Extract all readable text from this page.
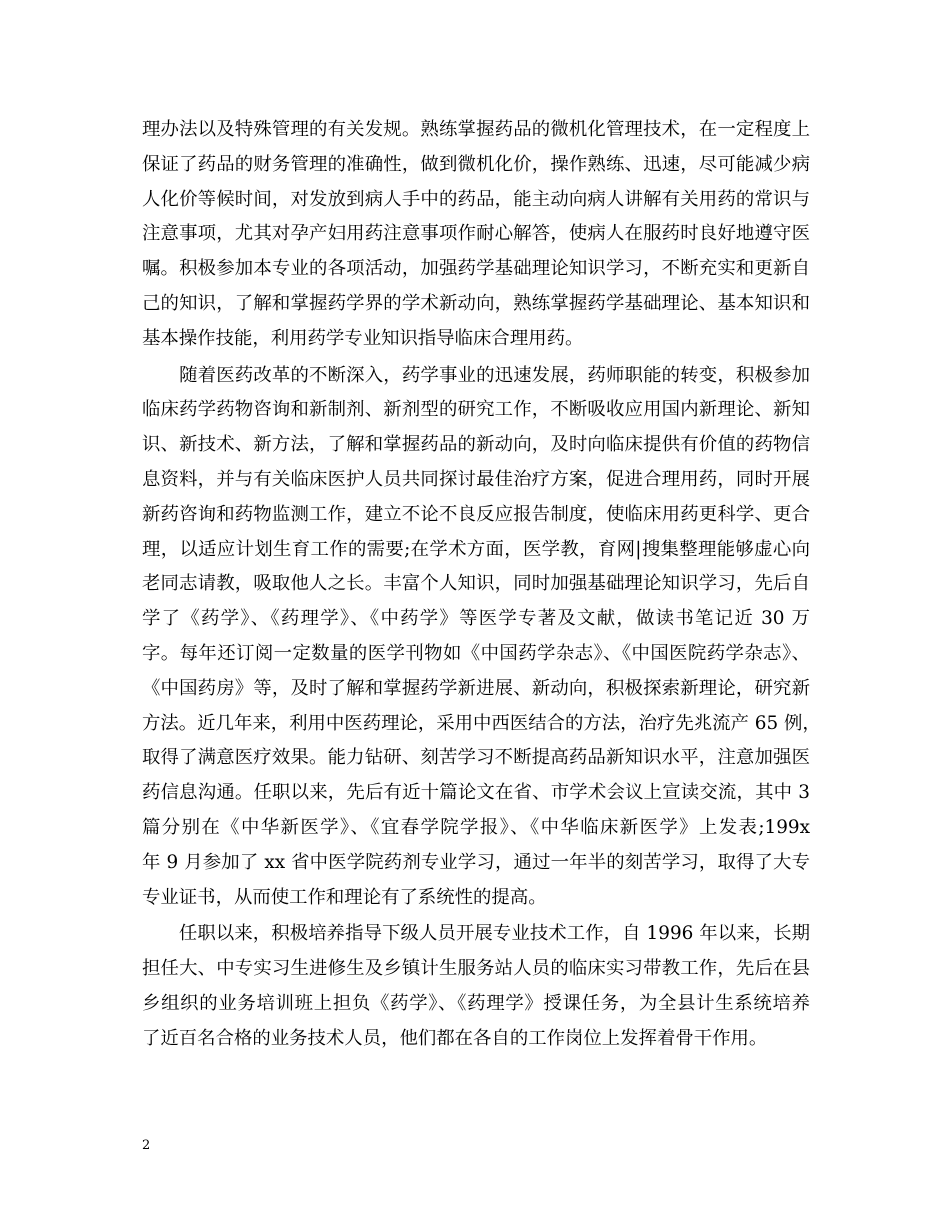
理办法以及特殊管理的有关发规。熟练掌握药品的微机化管理技术，在一定程度上
保证了药品的财务管理的准确性，做到微机化价，操作熟练、迅速，尽可能减少病
人化价等候时间，对发放到病人手中的药品，能主动向病人讲解有关用药的常识与
注意事项，尤其对孕产妇用药注意事项作耐心解答，使病人在服药时良好地遵守医
嘱。积极参加本专业的各项活动，加强药学基础理论知识学习，不断充实和更新自
己的知识，了解和掌握药学界的学术新动向，熟练掌握药学基础理论、基本知识和
基本操作技能，利用药学专业知识指导临床合理用药。
　　随着医药改革的不断深入，药学事业的迅速发展，药师职能的转变，积极参加
临床药学药物咨询和新制剂、新剂型的研究工作，不断吸收应用国内新理论、新知
识、新技术、新方法，了解和掌握药品的新动向，及时向临床提供有价值的药物信
息资料，并与有关临床医护人员共同探讨最佳治疗方案，促进合理用药，同时开展
新药咨询和药物监测工作，建立不论不良反应报告制度，使临床用药更科学、更合
理，以适应计划生育工作的需要;在学术方面，医学教，育网|搜集整理能够虚心向
老同志请教，吸取他人之长。丰富个人知识，同时加强基础理论知识学习，先后自
学了《药学》、《药理学》、《中药学》等医学专著及文献，做读书笔记近 30 万
字。每年还订阅一定数量的医学刊物如《中国药学杂志》、《中国医院药学杂志》、
《中国药房》等，及时了解和掌握药学新进展、新动向，积极探索新理论，研究新
方法。近几年来，利用中医药理论，采用中西医结合的方法，治疗先兆流产 65 例，
取得了满意医疗效果。能力钻研、刻苦学习不断提高药品新知识水平，注意加强医
药信息沟通。任职以来，先后有近十篇论文在省、市学术会议上宣读交流，其中 3
篇分别在《中华新医学》、《宜春学院学报》、《中华临床新医学》上发表;199x
年 9 月参加了 xx 省中医学院药剂专业学习，通过一年半的刻苦学习，取得了大专
专业证书，从而使工作和理论有了系统性的提高。
　　任职以来，积极培养指导下级人员开展专业技术工作，自 1996 年以来，长期
担任大、中专实习生进修生及乡镇计生服务站人员的临床实习带教工作，先后在县
乡组织的业务培训班上担负《药学》、《药理学》授课任务，为全县计生系统培养
了近百名合格的业务技术人员，他们都在各自的工作岗位上发挥着骨干作用。
2
